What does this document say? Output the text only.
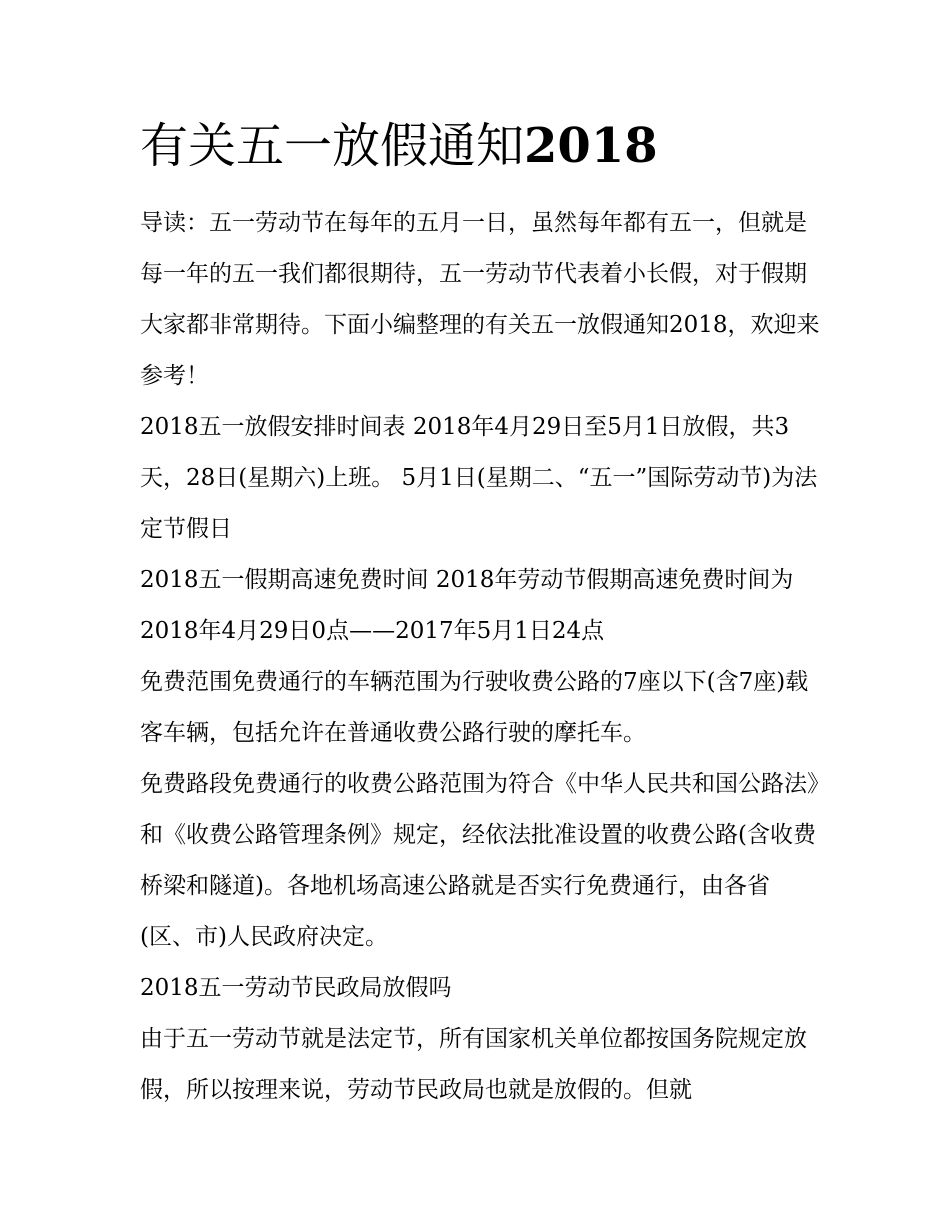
有关五一放假通知2018

导读：五一劳动节在每年的五月一日，虽然每年都有五一，但就是每一年的五一我们都很期待，五一劳动节代表着小长假，对于假期大家都非常期待。下面小编整理的有关五一放假通知2018，欢迎来参考！

2018五一放假安排时间表 2018年4月29日至5月1日放假，共3天，28日(星期六)上班。 5月1日(星期二、“五一”国际劳动节)为法定节假日

2018五一假期高速免费时间 2018年劳动节假期高速免费时间为2018年4月29日0点——2017年5月1日24点

免费范围免费通行的车辆范围为行驶收费公路的7座以下(含7座)载客车辆，包括允许在普通收费公路行驶的摩托车。

免费路段免费通行的收费公路范围为符合《中华人民共和国公路法》和《收费公路管理条例》规定，经依法批准设置的收费公路(含收费桥梁和隧道)。各地机场高速公路就是否实行免费通行，由各省(区、市)人民政府决定。

2018五一劳动节民政局放假吗

由于五一劳动节就是法定节，所有国家机关单位都按国务院规定放假，所以按理来说，劳动节民政局也就是放假的。但就
